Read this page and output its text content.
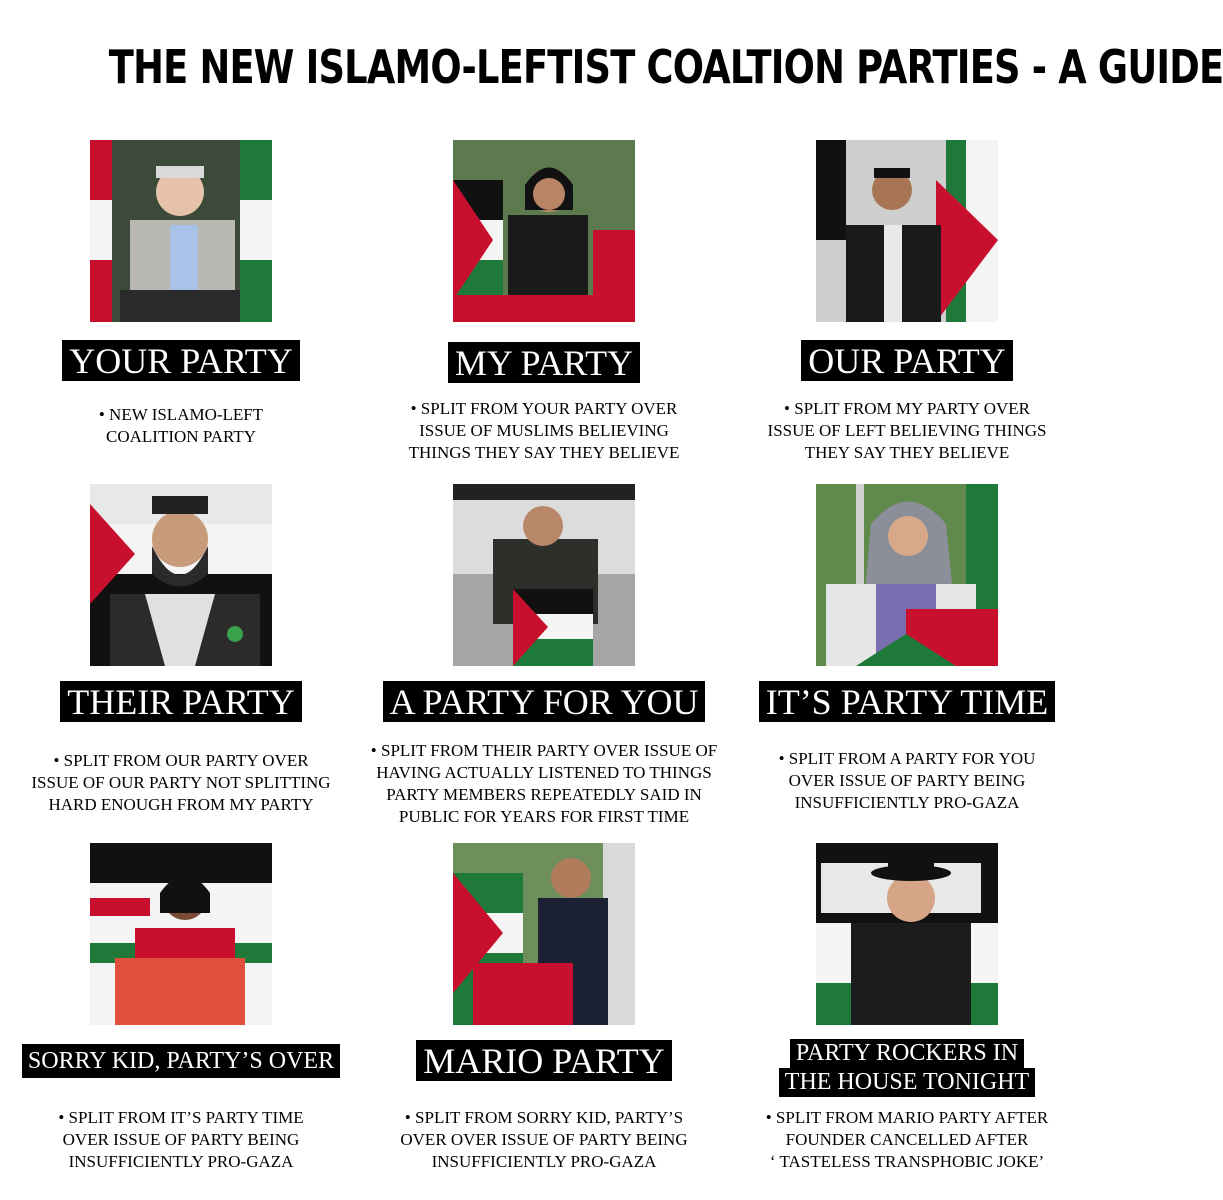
THE NEW ISLAMO-LEFTIST COALTION PARTIES - A GUIDE
YOUR PARTY
• NEW ISLAMO-LEFT
COALITION PARTY
MY PARTY
• SPLIT FROM YOUR PARTY OVER
ISSUE OF MUSLIMS BELIEVING
THINGS THEY SAY THEY BELIEVE
OUR PARTY
• SPLIT FROM MY PARTY OVER
ISSUE OF LEFT BELIEVING THINGS
THEY SAY THEY BELIEVE
THEIR PARTY
• SPLIT FROM OUR PARTY OVER
ISSUE OF OUR PARTY NOT SPLITTING
HARD ENOUGH FROM MY PARTY
A PARTY FOR YOU
• SPLIT FROM THEIR PARTY OVER ISSUE OF
HAVING ACTUALLY LISTENED TO THINGS
PARTY MEMBERS REPEATEDLY SAID IN
PUBLIC FOR YEARS FOR FIRST TIME
IT’S PARTY TIME
• SPLIT FROM A PARTY FOR YOU
OVER ISSUE OF PARTY BEING
INSUFFICIENTLY PRO-GAZA
SORRY KID, PARTY’S OVER
• SPLIT FROM IT’S PARTY TIME
OVER ISSUE OF PARTY BEING
INSUFFICIENTLY PRO-GAZA
MARIO PARTY
• SPLIT FROM SORRY KID, PARTY’S
OVER OVER ISSUE OF PARTY BEING
INSUFFICIENTLY PRO-GAZA
PARTY ROCKERS IN
THE HOUSE TONIGHT
• SPLIT FROM MARIO PARTY AFTER
FOUNDER CANCELLED AFTER
‘ TASTELESS TRANSPHOBIC JOKE’
